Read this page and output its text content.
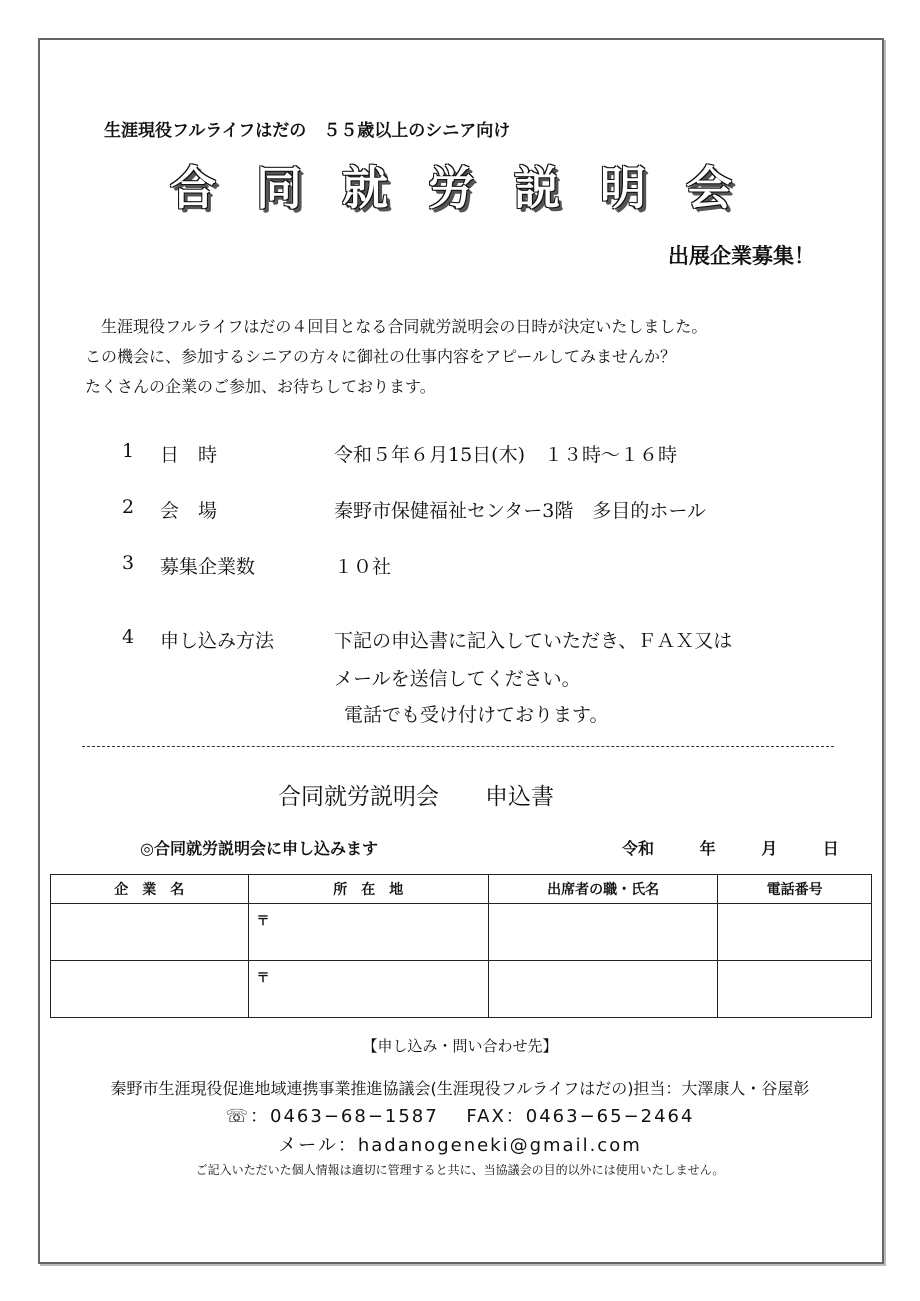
生涯現役フルライフはだの　５５歳以上のシニア向け
合同就労説明会
出展企業募集！
　生涯現役フルライフはだの４回目となる合同就労説明会の日時が決定いたしました。
この機会に、参加するシニアの方々に御社の仕事内容をアピールしてみませんか？
たくさんの企業のご参加、お待ちしております。
1 日　時	令和５年６月15日(木)　１３時～１６時
2 会　場	秦野市保健福祉センター3階　多目的ホール
3 募集企業数	１０社
4 申し込み方法	下記の申込書に記入していただき、ＦＡＸ又は
メールを送信してください。
電話でも受け付けております。
合同就労説明会　　申込書
◎合同就労説明会に申し込みます	令和	年	月	日
企　業　名	所　在　地	出席者の職・氏名	電話番号
	〒		
	〒		
【申し込み・問い合わせ先】
秦野市生涯現役促進地域連携事業推進協議会(生涯現役フルライフはだの)担当：大澤康人・谷屋彰
☏：0463−68−1587　 FAX：0463−65−2464
メール：hadanogeneki@gmail.com
ご記入いただいた個人情報は適切に管理すると共に、当協議会の目的以外には使用いたしません。
